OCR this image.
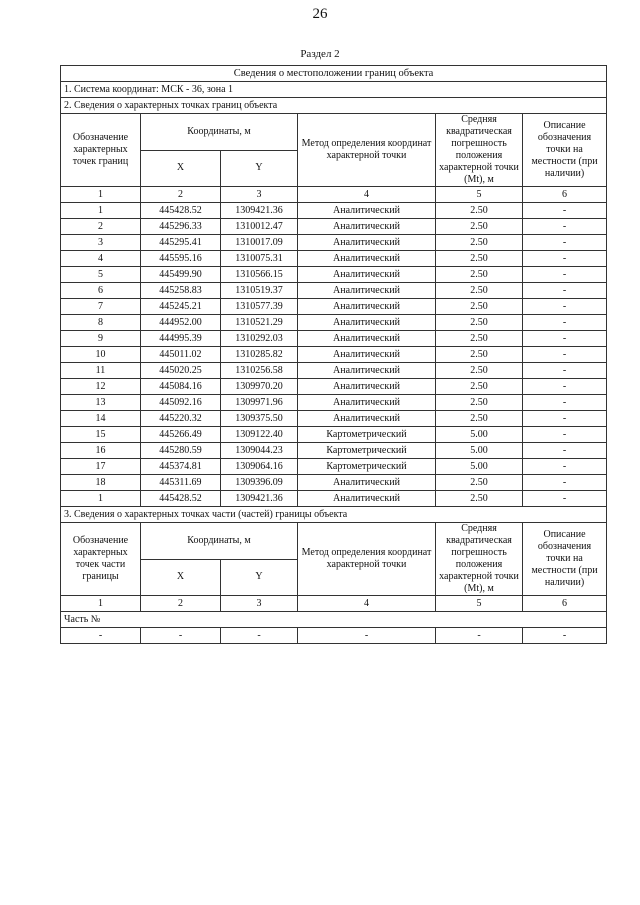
26
Раздел 2
Сведения о местоположении границ объекта					
1. Система координат: МСК - 36, зона 1					
2. Сведения о характерных точках границ объекта					
Обозначение характерных точек границ	Координаты, м		Метод определения координат характерной точки	Средняя квадратическая погрешность положения характерной точки (Mt), м	Описание обозначения точки на местности (при наличии)
	X	Y			
1	2	3	4	5	6
1	445428.52	1309421.36	Аналитический	2.50	-
2	445296.33	1310012.47	Аналитический	2.50	-
3	445295.41	1310017.09	Аналитический	2.50	-
4	445595.16	1310075.31	Аналитический	2.50	-
5	445499.90	1310566.15	Аналитический	2.50	-
6	445258.83	1310519.37	Аналитический	2.50	-
7	445245.21	1310577.39	Аналитический	2.50	-
8	444952.00	1310521.29	Аналитический	2.50	-
9	444995.39	1310292.03	Аналитический	2.50	-
10	445011.02	1310285.82	Аналитический	2.50	-
11	445020.25	1310256.58	Аналитический	2.50	-
12	445084.16	1309970.20	Аналитический	2.50	-
13	445092.16	1309971.96	Аналитический	2.50	-
14	445220.32	1309375.50	Аналитический	2.50	-
15	445266.49	1309122.40	Картометрический	5.00	-
16	445280.59	1309044.23	Картометрический	5.00	-
17	445374.81	1309064.16	Картометрический	5.00	-
18	445311.69	1309396.09	Аналитический	2.50	-
1	445428.52	1309421.36	Аналитический	2.50	-
3. Сведения о характерных точках части (частей) границы объекта					
Обозначение характерных точек части границы	Координаты, м		Метод определения координат характерной точки	Средняя квадратическая погрешность положения характерной точки (Mt), м	Описание обозначения точки на местности (при наличии)
	X	Y			
1	2	3	4	5	6
Часть №					
-	-	-	-	-	-
